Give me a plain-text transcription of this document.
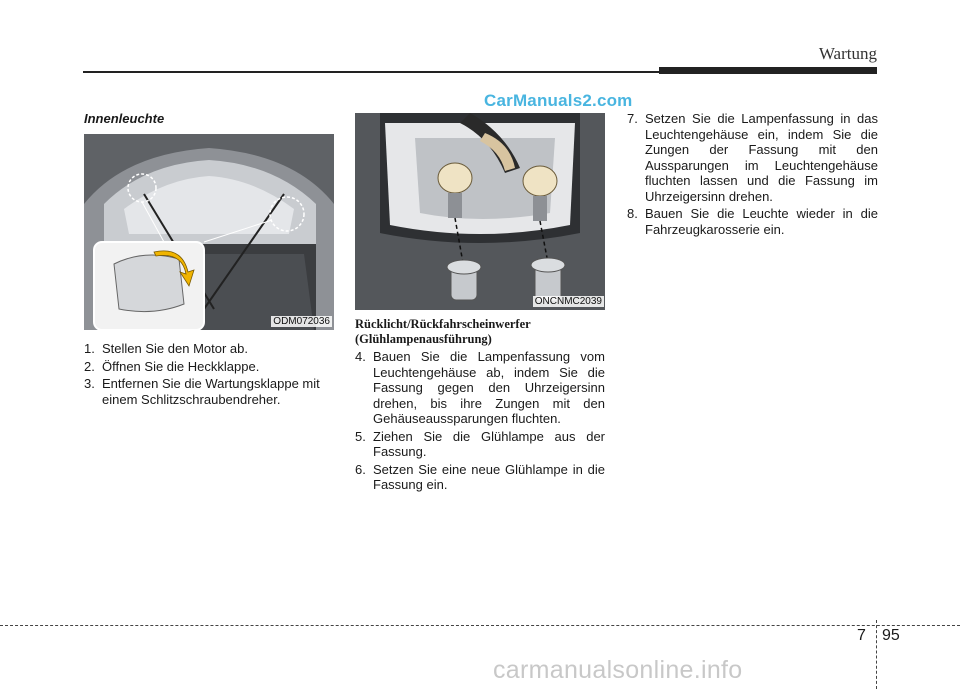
Wartung
CarManuals2.com
Innenleuchte
ODM072036
1. Stellen Sie den Motor ab.
2. Öffnen Sie die Heckklappe.
3. Entfernen Sie die Wartungsklappe mit einem Schlitzschraubendreher.
ONCNMC2039
Rücklicht/Rückfahrscheinwerfer (Glühlampenausführung)
4. Bauen Sie die Lampenfassung vom Leuchtengehäuse ab, indem Sie die Fassung gegen den Uhrzeigersinn drehen, bis ihre Zungen mit den Gehäuseaussparungen fluchten.
5. Ziehen Sie die Glühlampe aus der Fassung.
6. Setzen Sie eine neue Glühlampe in die Fassung ein.
7. Setzen Sie die Lampenfassung in das Leuchtengehäuse ein, indem Sie die Zungen der Fassung mit den Aussparungen im Leuchtengehäuse fluchten lassen und die Fassung im Uhrzeigersinn drehen.
8. Bauen Sie die Leuchte wieder in die Fahrzeugkarosserie ein.
7 95
carmanualsonline.info
